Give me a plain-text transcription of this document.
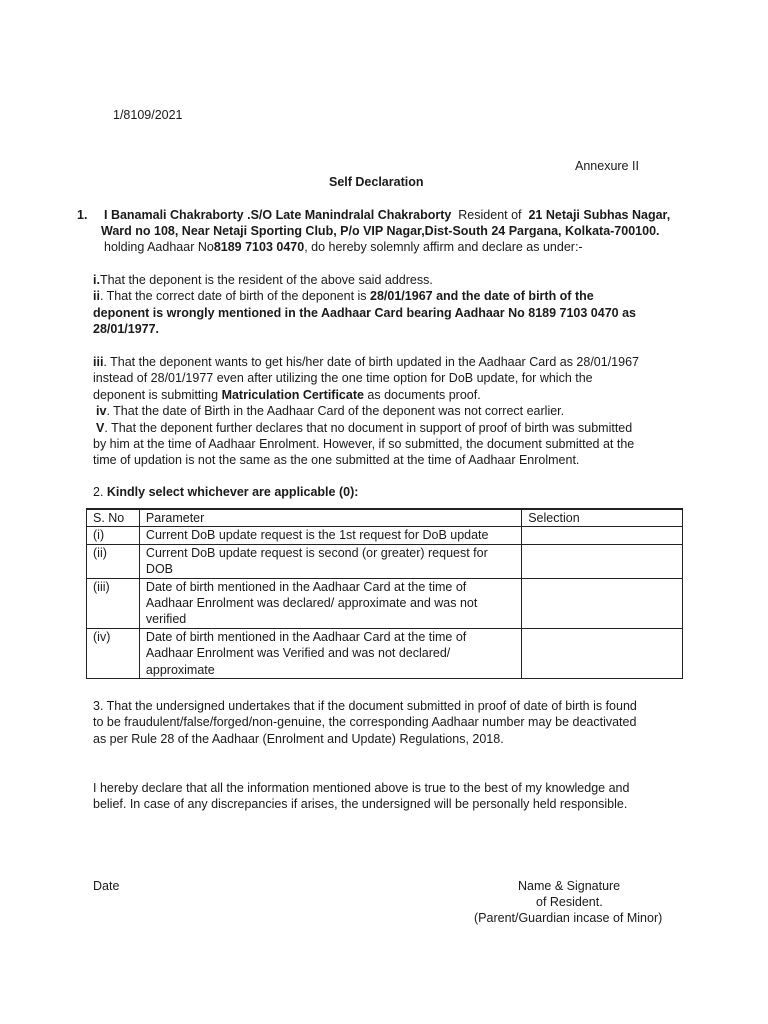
1/8109/2021
Annexure II
Self Declaration
1. I Banamali Chakraborty .S/O Late Manindralal Chakraborty Resident of 21 Netaji Subhas Nagar,
Ward no 108, Near Netaji Sporting Club, P/o VIP Nagar,Dist-South 24 Pargana, Kolkata-700100.
holding Aadhaar No8189 7103 0470, do hereby solemnly affirm and declare as under:-
i.That the deponent is the resident of the above said address.
ii. That the correct date of birth of the deponent is 28/01/1967 and the date of birth of the
deponent is wrongly mentioned in the Aadhaar Card bearing Aadhaar No 8189 7103 0470 as
28/01/1977.
iii. That the deponent wants to get his/her date of birth updated in the Aadhaar Card as 28/01/1967
instead of 28/01/1977 even after utilizing the one time option for DoB update, for which the
deponent is submitting Matriculation Certificate as documents proof.
iv. That the date of Birth in the Aadhaar Card of the deponent was not correct earlier.
V. That the deponent further declares that no document in support of proof of birth was submitted
by him at the time of Aadhaar Enrolment. However, if so submitted, the document submitted at the
time of updation is not the same as the one submitted at the time of Aadhaar Enrolment.
2. Kindly select whichever are applicable (0):
S. No	Parameter	Selection
(i)	Current DoB update request is the 1st request for DoB update	
(ii)	Current DoB update request is second (or greater) request for
DOB	

(iii)	Date of birth mentioned in the Aadhaar Card at the time of
Aadhaar Enrolment was declared/ approximate and was not
verified	

(iv)	Date of birth mentioned in the Aadhaar Card at the time of
Aadhaar Enrolment was Verified and was not declared/
approximate	

3. That the undersigned undertakes that if the document submitted in proof of date of birth is found
to be fraudulent/false/forged/non-genuine, the corresponding Aadhaar number may be deactivated
as per Rule 28 of the Aadhaar (Enrolment and Update) Regulations, 2018.
I hereby declare that all the information mentioned above is true to the best of my knowledge and
belief. In case of any discrepancies if arises, the undersigned will be personally held responsible.
Date	Name & Signature
of Resident.
(Parent/Guardian incase of Minor)
